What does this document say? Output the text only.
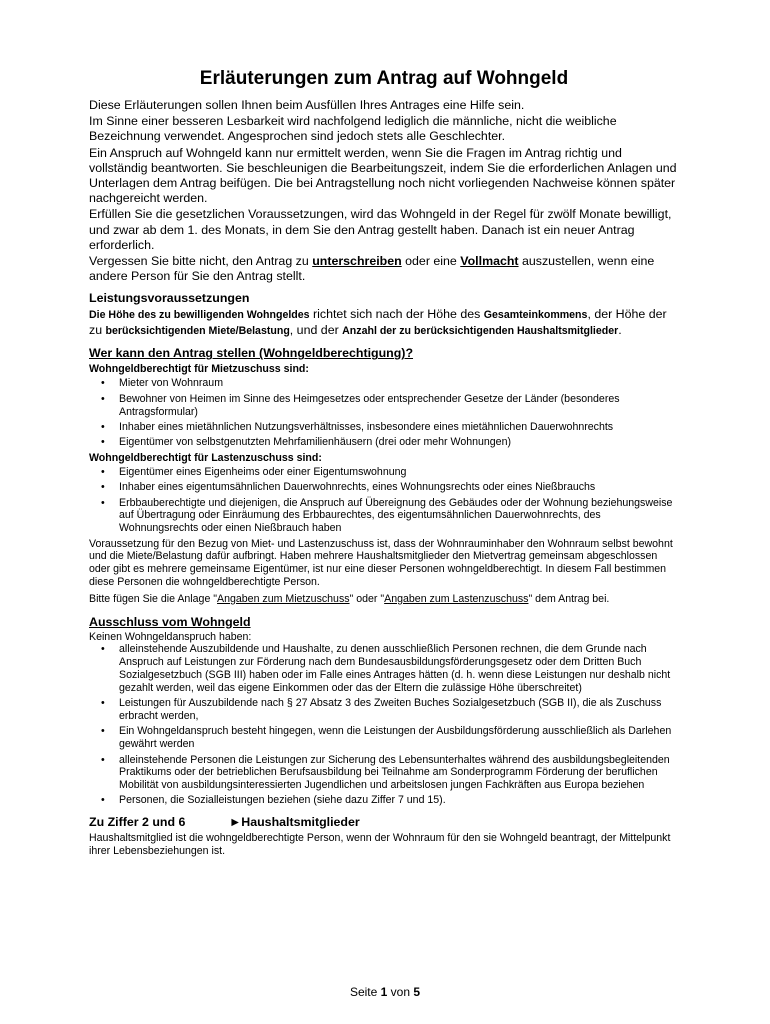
Erläuterungen zum Antrag auf Wohngeld

Diese Erläuterungen sollen Ihnen beim Ausfüllen Ihres Antrages eine Hilfe sein.

Im Sinne einer besseren Lesbarkeit wird nachfolgend lediglich die männliche, nicht die weibliche Bezeichnung verwendet. Angesprochen sind jedoch stets alle Geschlechter.

Ein Anspruch auf Wohngeld kann nur ermittelt werden, wenn Sie die Fragen im Antrag richtig und vollständig beantworten. Sie beschleunigen die Bearbeitungszeit, indem Sie die erforderlichen Anlagen und Unterlagen dem Antrag beifügen. Die bei Antragstellung noch nicht vorliegenden Nachweise können später nachgereicht werden.

Erfüllen Sie die gesetzlichen Voraussetzungen, wird das Wohngeld in der Regel für zwölf Monate bewilligt, und zwar ab dem 1. des Monats, in dem Sie den Antrag gestellt haben. Danach ist ein neuer Antrag erforderlich.

Vergessen Sie bitte nicht, den Antrag zu unterschreiben oder eine Vollmacht auszustellen, wenn eine andere Person für Sie den Antrag stellt.

Leistungsvoraussetzungen

Die Höhe des zu bewilligenden Wohngeldes richtet sich nach der Höhe des Gesamteinkommens, der Höhe der zu berücksichtigenden Miete/Belastung, und der Anzahl der zu berücksichtigenden Haushaltsmitglieder.

Wer kann den Antrag stellen (Wohngeldberechtigung)?
Wohngeldberechtigt für Mietzuschuss sind:
• Mieter von Wohnraum
• Bewohner von Heimen im Sinne des Heimgesetzes oder entsprechender Gesetze der Länder (besonderes Antragsformular)
• Inhaber eines mietähnlichen Nutzungsverhältnisses, insbesondere eines mietähnlichen Dauerwohnrechts
• Eigentümer von selbstgenutzten Mehrfamilienhäusern (drei oder mehr Wohnungen)
Wohngeldberechtigt für Lastenzuschuss sind:
• Eigentümer eines Eigenheims oder einer Eigentumswohnung
• Inhaber eines eigentumsähnlichen Dauerwohnrechts, eines Wohnungsrechts oder eines Nießbrauchs
• Erbbauberechtigte und diejenigen, die Anspruch auf Übereignung des Gebäudes oder der Wohnung beziehungsweise auf Übertragung oder Einräumung des Erbbaurechtes, des eigentumsähnlichen Dauerwohnrechts, des Wohnungsrechts oder einen Nießbrauch haben

Voraussetzung für den Bezug von Miet- und Lastenzuschuss ist, dass der Wohnrauminhaber den Wohnraum selbst bewohnt und die Miete/Belastung dafür aufbringt. Haben mehrere Haushaltsmitglieder den Mietvertrag gemeinsam abgeschlossen oder gibt es mehrere gemeinsame Eigentümer, ist nur eine dieser Personen wohngeldberechtigt. In diesem Fall bestimmen diese Personen die wohngeldberechtigte Person.

Bitte fügen Sie die Anlage "Angaben zum Mietzuschuss" oder "Angaben zum Lastenzuschuss" dem Antrag bei.

Ausschluss vom Wohngeld

Keinen Wohngeldanspruch haben:

• alleinstehende Auszubildende und Haushalte, zu denen ausschließlich Personen rechnen, die dem Grunde nach Anspruch auf Leistungen zur Förderung nach dem Bundesausbildungsförderungsgesetz oder dem Dritten Buch Sozialgesetzbuch (SGB III) haben oder im Falle eines Antrages hätten (d. h. wenn diese Leistungen nur deshalb nicht gezahlt werden, weil das eigene Einkommen oder das der Eltern die zulässige Höhe überschreitet)
• Leistungen für Auszubildende nach § 27 Absatz 3 des Zweiten Buches Sozialgesetzbuch (SGB II), die als Zuschuss erbracht werden,
• Ein Wohngeldanspruch besteht hingegen, wenn die Leistungen der Ausbildungsförderung ausschließlich als Darlehen gewährt werden
• alleinstehende Personen die Leistungen zur Sicherung des Lebensunterhaltes während des ausbildungsbegleitenden Praktikums oder der betrieblichen Berufsausbildung bei Teilnahme am Sonderprogramm Förderung der beruflichen Mobilität von ausbildungsinteressierten Jugendlichen und arbeitslosen jungen Fachkräften aus Europa beziehen
• Personen, die Sozialleistungen beziehen (siehe dazu Ziffer 7 und 15).
Zu Ziffer 2 und 6	►Haushaltsmitglieder

Haushaltsmitglied ist die wohngeldberechtigte Person, wenn der Wohnraum für den sie Wohngeld beantragt, der Mittelpunkt ihrer Lebensbeziehungen ist.

Seite 1 von 5
